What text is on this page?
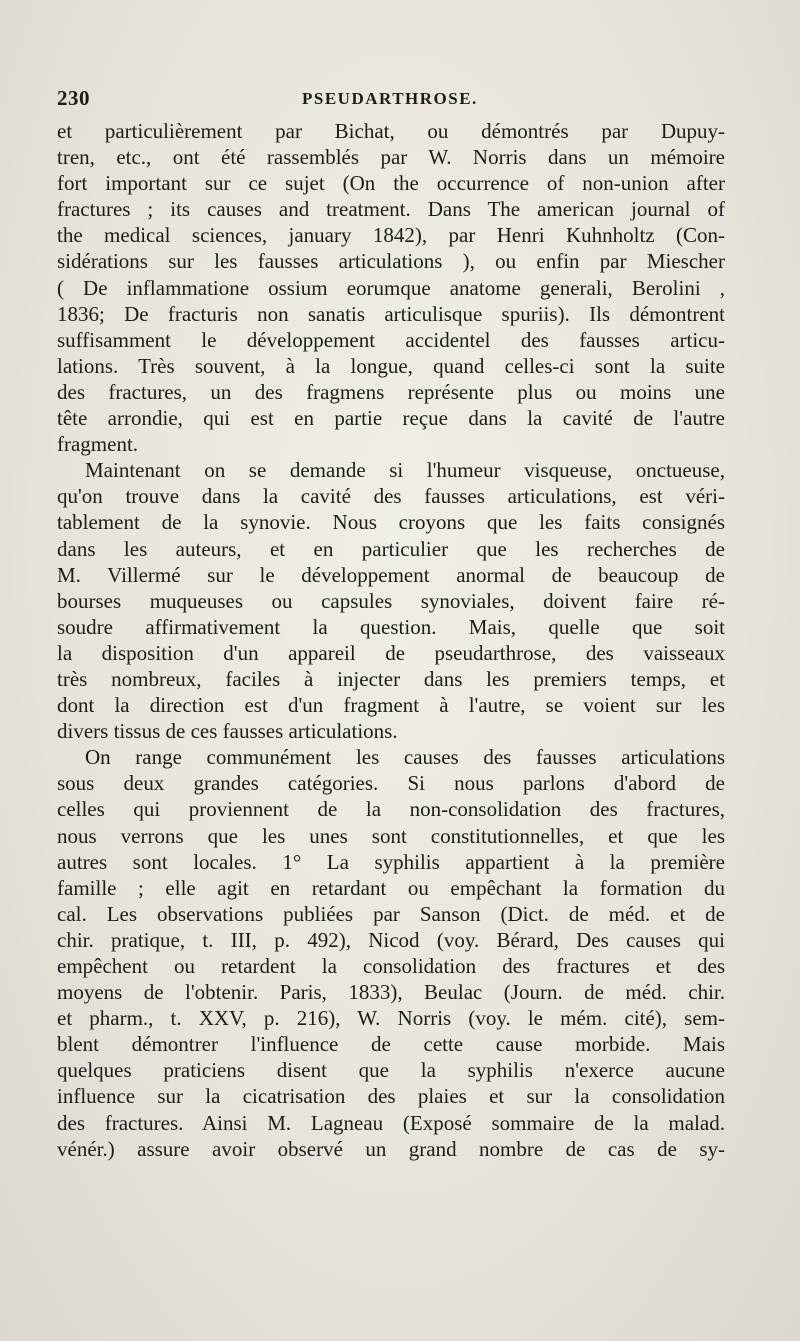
230	PSEUDARTHROSE.
et particulièrement par Bichat, ou démontrés par Dupuy-
tren, etc., ont été rassemblés par W. Norris dans un mémoire
fort important sur ce sujet (On the occurrence of non-union after
fractures ; its causes and treatment. Dans The american journal of
the medical sciences, january 1842), par Henri Kuhnholtz (Con-
sidérations sur les fausses articulations ), ou enfin par Miescher
( De inflammatione ossium eorumque anatome generali, Berolini ,
1836; De fracturis non sanatis articulisque spuriis). Ils démontrent
suffisamment le développement accidentel des fausses articu-
lations. Très souvent, à la longue, quand celles-ci sont la suite
des fractures, un des fragmens représente plus ou moins une
tête arrondie, qui est en partie reçue dans la cavité de l'autre
fragment.
Maintenant on se demande si l'humeur visqueuse, onctueuse,
qu'on trouve dans la cavité des fausses articulations, est véri-
tablement de la synovie. Nous croyons que les faits consignés
dans les auteurs, et en particulier que les recherches de
M. Villermé sur le développement anormal de beaucoup de
bourses muqueuses ou capsules synoviales, doivent faire ré-
soudre affirmativement la question. Mais, quelle que soit
la disposition d'un appareil de pseudarthrose, des vaisseaux
très nombreux, faciles à injecter dans les premiers temps, et
dont la direction est d'un fragment à l'autre, se voient sur les
divers tissus de ces fausses articulations.
On range communément les causes des fausses articulations
sous deux grandes catégories. Si nous parlons d'abord de
celles qui proviennent de la non-consolidation des fractures,
nous verrons que les unes sont constitutionnelles, et que les
autres sont locales. 1° La syphilis appartient à la première
famille ; elle agit en retardant ou empêchant la formation du
cal. Les observations publiées par Sanson (Dict. de méd. et de
chir. pratique, t. III, p. 492), Nicod (voy. Bérard, Des causes qui
empêchent ou retardent la consolidation des fractures et des
moyens de l'obtenir. Paris, 1833), Beulac (Journ. de méd. chir.
et pharm., t. XXV, p. 216), W. Norris (voy. le mém. cité), sem-
blent démontrer l'influence de cette cause morbide. Mais
quelques praticiens disent que la syphilis n'exerce aucune
influence sur la cicatrisation des plaies et sur la consolidation
des fractures. Ainsi M. Lagneau (Exposé sommaire de la malad.
vénér.) assure avoir observé un grand nombre de cas de sy-
